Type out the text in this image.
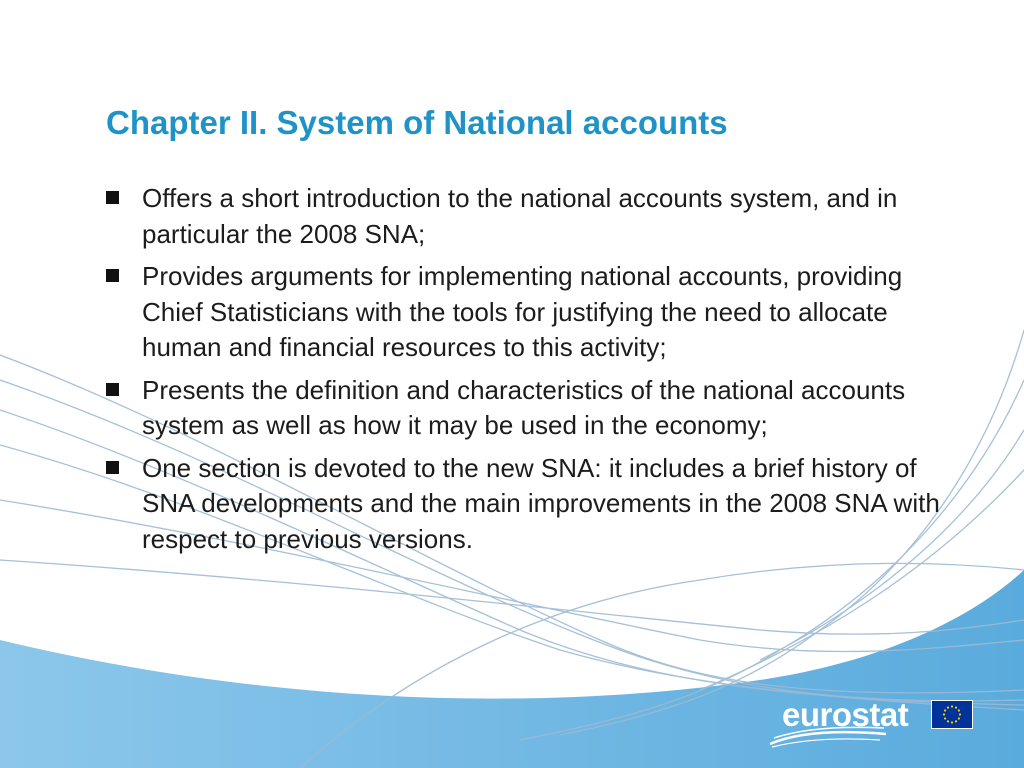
Chapter II. System of National accounts
Offers a short introduction to the national accounts system, and in particular the 2008 SNA;
Provides arguments for implementing national accounts, providing Chief Statisticians with the tools for justifying the need to allocate human and financial resources to this activity;
Presents the definition and characteristics of the national accounts system as well as how it may be used in the economy;
One section is devoted to the new SNA: it includes a brief history of SNA developments and the main improvements in the 2008 SNA with respect to previous versions.
eurostat
